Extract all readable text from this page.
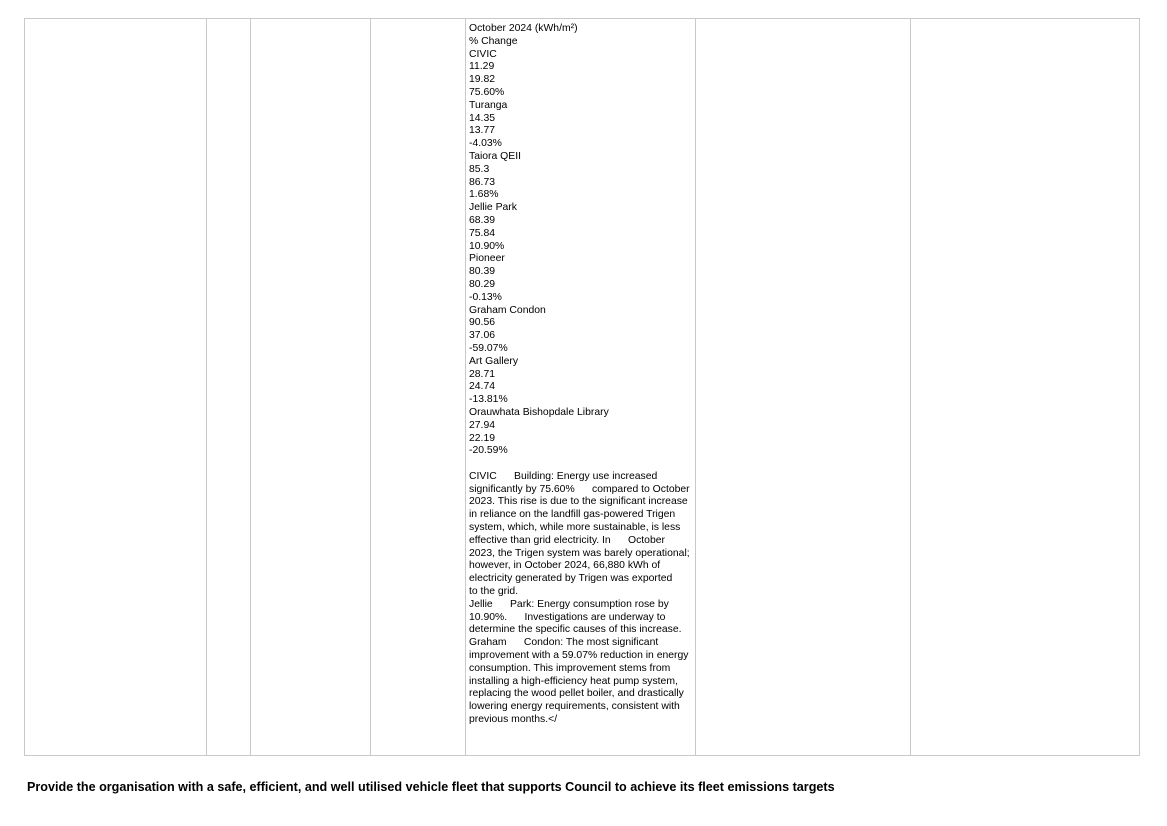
October 2024 (kWh/m²)
% Change
CIVIC
11.29
19.82
75.60%
Turanga
14.35
13.77
-4.03%
Taiora QEII
85.3
86.73
1.68%
Jellie Park
68.39
75.84
10.90%
Pioneer
80.39
80.29
-0.13%
Graham Condon
90.56
37.06
-59.07%
Art Gallery
28.71
24.74
-13.81%
Orauwhata Bishopdale Library
27.94
22.19
-20.59%
CIVIC      Building: Energy use increased significantly by 75.60%      compared to October 2023. This rise is due to the significant increase in reliance on the landfill gas-powered Trigen system, which, while more sustainable, is less effective than grid electricity. In      October 2023, the Trigen system was barely operational; however, in October 2024, 66,880 kWh of electricity generated by Trigen was exported      to the grid.
Jellie      Park: Energy consumption rose by 10.90%.      Investigations are underway to determine the specific causes of this increase.  Graham      Condon: The most significant improvement with a 59.07% reduction in energy consumption. This improvement stems from installing a high-efficiency heat pump system, replacing the wood pellet boiler, and drastically lowering energy requirements, consistent with previous months.</
Provide the organisation with a safe, efficient, and well utilised vehicle fleet that supports Council to achieve its fleet emissions targets
